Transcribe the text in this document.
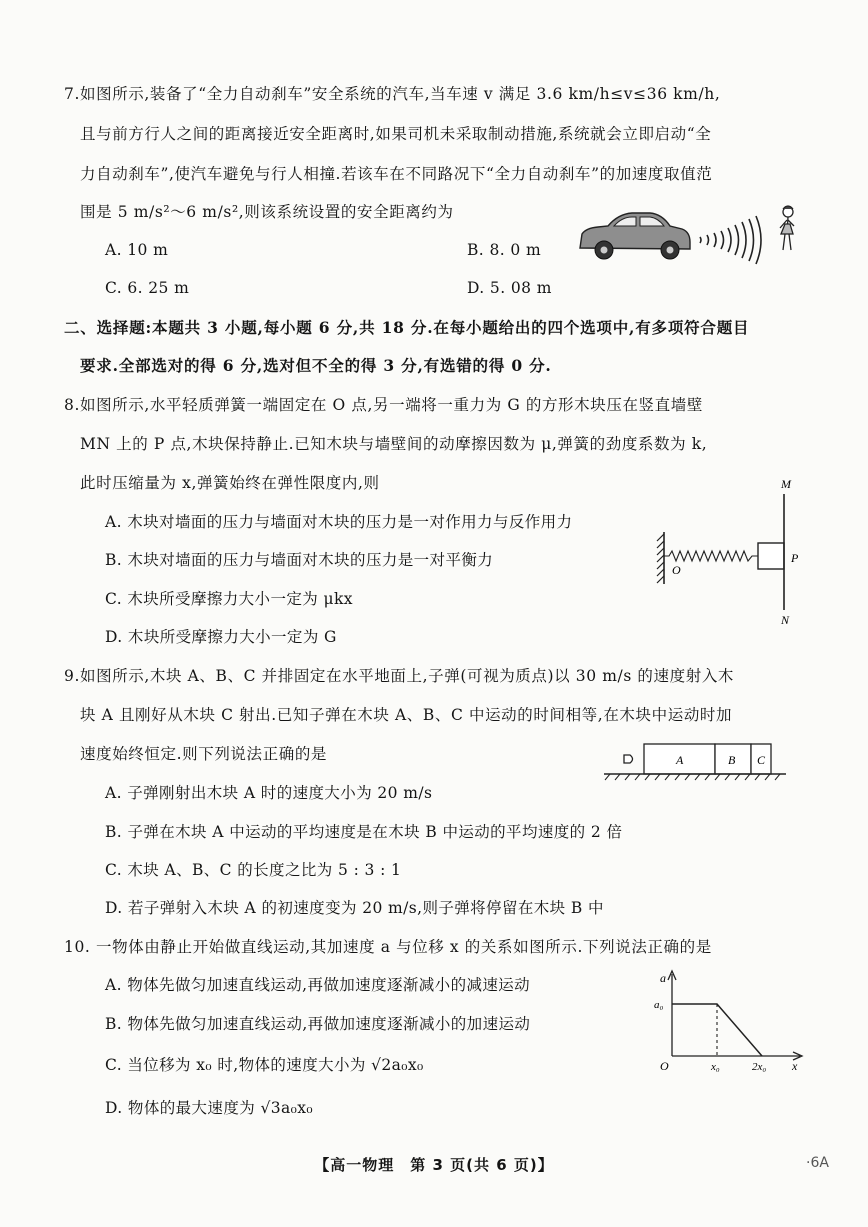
7.如图所示,装备了“全力自动刹车”安全系统的汽车,当车速 v 满足 3.6 km/h≤v≤36 km/h,
且与前方行人之间的距离接近安全距离时,如果司机未采取制动措施,系统就会立即启动“全
力自动刹车”,使汽车避免与行人相撞.若该车在不同路况下“全力自动刹车”的加速度取值范
围是 5 m/s²～6 m/s²,则该系统设置的安全距离约为
A. 10 m	B. 8. 0 m
C. 6. 25 m	D. 5. 08 m
二、选择题:本题共 3 小题,每小题 6 分,共 18 分.在每小题给出的四个选项中,有多项符合题目
要求.全部选对的得 6 分,选对但不全的得 3 分,有选错的得 0 分.
8.如图所示,水平轻质弹簧一端固定在 O 点,另一端将一重力为 G 的方形木块压在竖直墙壁
MN 上的 P 点,木块保持静止.已知木块与墙壁间的动摩擦因数为 μ,弹簧的劲度系数为 k,
此时压缩量为 x,弹簧始终在弹性限度内,则
A. 木块对墙面的压力与墙面对木块的压力是一对作用力与反作用力
B. 木块对墙面的压力与墙面对木块的压力是一对平衡力
C. 木块所受摩擦力大小一定为 μkx
D. 木块所受摩擦力大小一定为 G
M
N
O
P
9.如图所示,木块 A、B、C 并排固定在水平地面上,子弹(可视为质点)以 30 m/s 的速度射入木
块 A 且刚好从木块 C 射出.已知子弹在木块 A、B、C 中运动的时间相等,在木块中运动时加
速度始终恒定.则下列说法正确的是
A. 子弹刚射出木块 A 时的速度大小为 20 m/s
B. 子弹在木块 A 中运动的平均速度是在木块 B 中运动的平均速度的 2 倍
C. 木块 A、B、C 的长度之比为 5 : 3 : 1
D. 若子弹射入木块 A 的初速度变为 20 m/s,则子弹将停留在木块 B 中
A	B C
10. 一物体由静止开始做直线运动,其加速度 a 与位移 x 的关系如图所示.下列说法正确的是
A. 物体先做匀加速直线运动,再做加速度逐渐减小的减速运动
B. 物体先做匀加速直线运动,再做加速度逐渐减小的加速运动
C. 当位移为 x₀ 时,物体的速度大小为 √2a₀x₀
D. 物体的最大速度为 √3a₀x₀
a
a₀
O	x₀	2x₀ x
【高一物理　第 3 页(共 6 页)】	·6A
